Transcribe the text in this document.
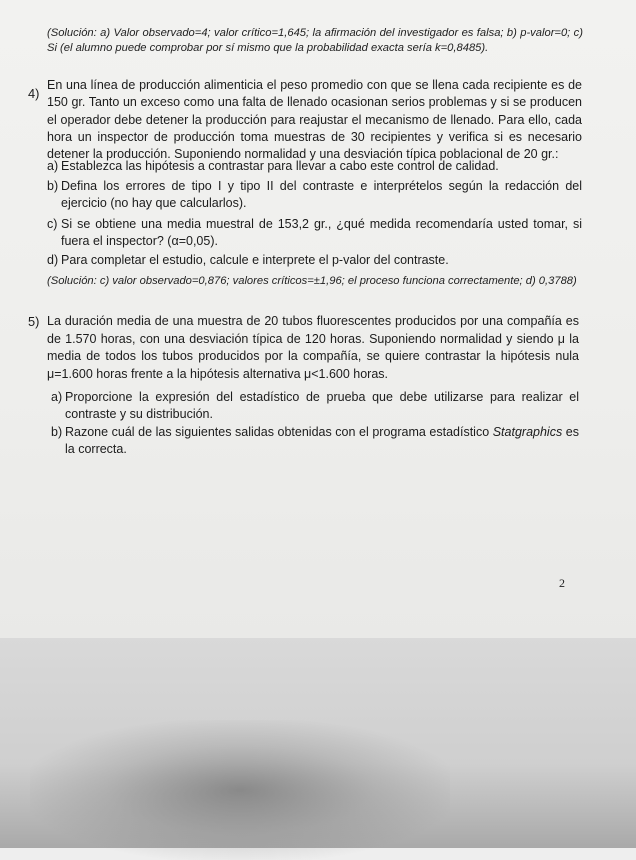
(Solución: a) Valor observado=4; valor crítico=1,645; la afirmación del investigador es falsa; b) p-valor=0; c) Si (el alumno puede comprobar por sí mismo que la probabilidad exacta sería k=0,8485).
4)
En una línea de producción alimenticia el peso promedio con que se llena cada recipiente es de 150 gr. Tanto un exceso como una falta de llenado ocasionan serios problemas y si se producen el operador debe detener la producción para reajustar el mecanismo de llenado. Para ello, cada hora un inspector de producción toma muestras de 30 recipientes y verifica si es necesario detener la producción. Suponiendo normalidad y una desviación típica poblacional de 20 gr.:
a) Establezca las hipótesis a contrastar para llevar a cabo este control de calidad.
b) Defina los errores de tipo I y tipo II del contraste e interprételos según la redacción del ejercicio (no hay que calcularlos).
c) Si se obtiene una media muestral de 153,2 gr., ¿qué medida recomendaría usted tomar, si fuera el inspector? (α=0,05).
d) Para completar el estudio, calcule e interprete el p-valor del contraste.
(Solución: c) valor observado=0,876; valores críticos=±1,96; el proceso funciona correctamente; d) 0,3788)
5) La duración media de una muestra de 20 tubos fluorescentes producidos por una compañía es de 1.570 horas, con una desviación típica de 120 horas. Suponiendo normalidad y siendo μ la media de todos los tubos producidos por la compañía, se quiere contrastar la hipótesis nula μ=1.600 horas frente a la hipótesis alternativa μ<1.600 horas.
a) Proporcione la expresión del estadístico de prueba que debe utilizarse para realizar el contraste y su distribución.
b) Razone cuál de las siguientes salidas obtenidas con el programa estadístico Statgraphics es la correcta.
2
